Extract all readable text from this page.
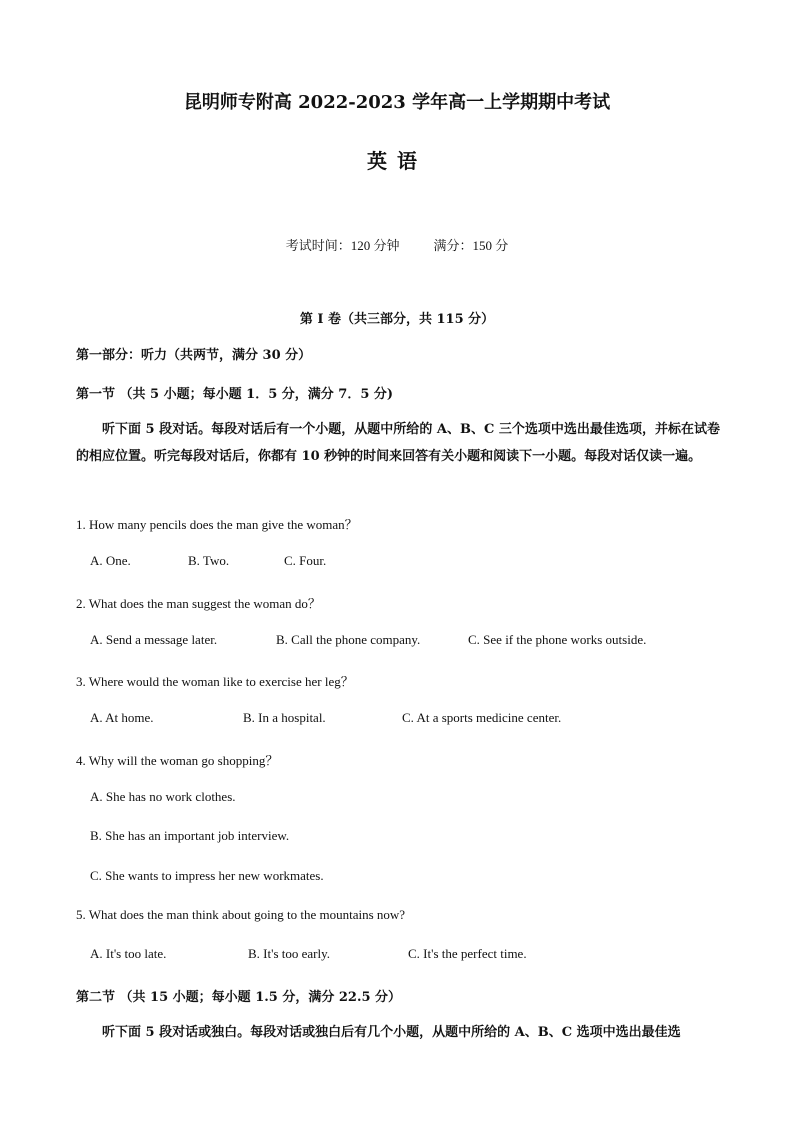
昆明师专附高 2022-2023 学年高一上学期期中考试
英语
考试时间：120 分钟	满分：150 分
第 I 卷（共三部分，共 115 分）
第一部分：听力（共两节，满分 30 分）
第一节 （共 5 小题；每小题 1．5 分，满分 7．5 分)
听下面 5 段对话。每段对话后有一个小题，从题中所给的 A、B、C 三个选项中选出最佳选项，并标在试卷的相应位置。听完每段对话后，你都有 10 秒钟的时间来回答有关小题和阅读下一小题。每段对话仅读一遍。
1. How many pencils does the man give the woman？
A. One.	B. Two.	C. Four.
2. What does the man suggest the woman do？
A. Send a message later.	B. Call the phone company.	C. See if the phone works outside.
3. Where would the woman like to exercise her leg？
A. At home.	B. In a hospital.	C. At a sports medicine center.
4. Why will the woman go shopping？
A. She has no work clothes.
B. She has an important job interview.
C. She wants to impress her new workmates.
5. What does the man think about going to the mountains now?
A. It's too late.	B. It's too early.	C. It's the perfect time.
第二节 （共 15 小题；每小题 1.5 分，满分 22.5 分）
听下面 5 段对话或独白。每段对话或独白后有几个小题，从题中所给的 A、B、C 选项中选出最佳选
